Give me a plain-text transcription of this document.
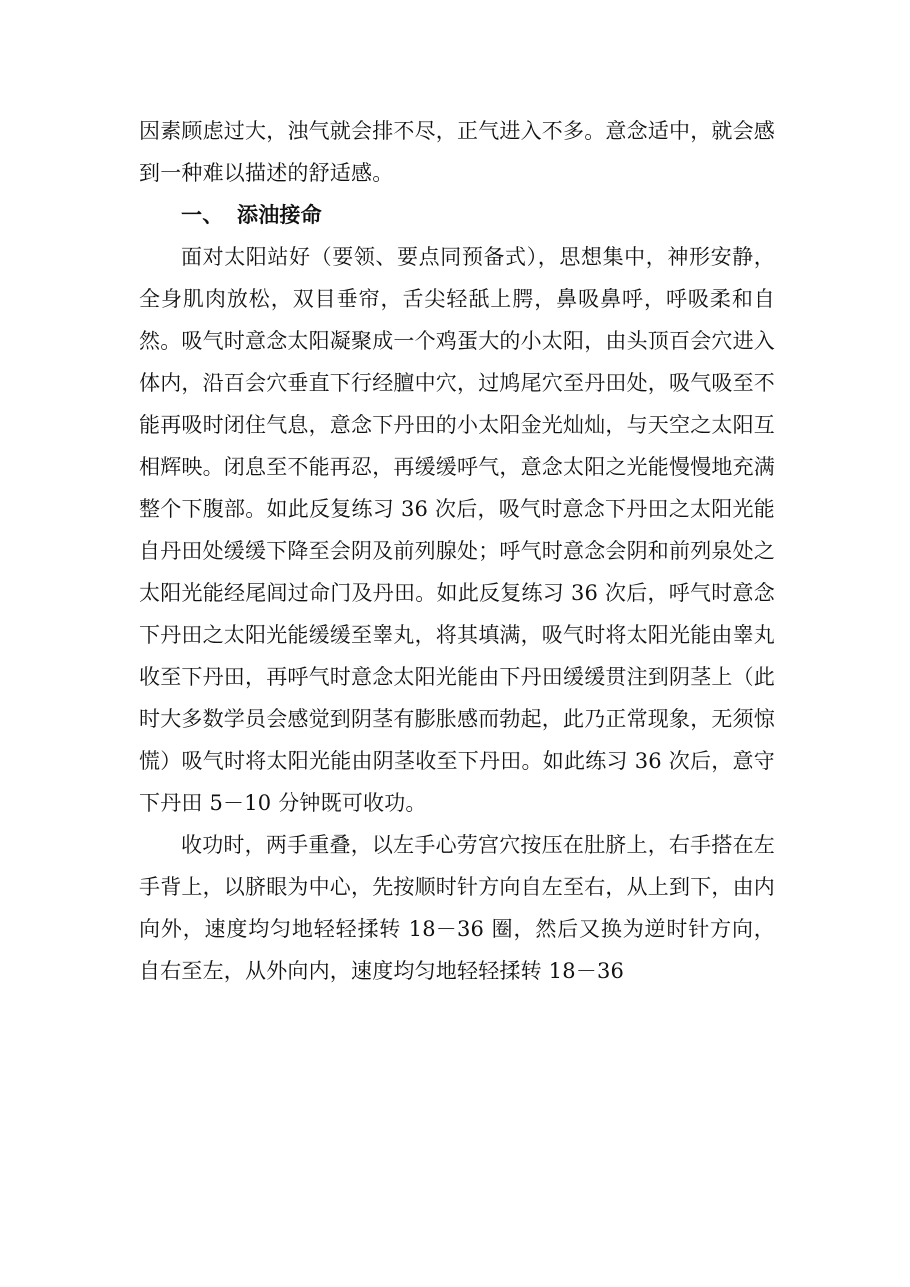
因素顾虑过大，浊气就会排不尽，正气进入不多。意念适中，就会感到一种难以描述的舒适感。

一、 添油接命

面对太阳站好（要领、要点同预备式），思想集中，神形安静，全身肌肉放松，双目垂帘，舌尖轻舐上腭，鼻吸鼻呼，呼吸柔和自然。吸气时意念太阳凝聚成一个鸡蛋大的小太阳，由头顶百会穴进入体内，沿百会穴垂直下行经膻中穴，过鸠尾穴至丹田处，吸气吸至不能再吸时闭住气息，意念下丹田的小太阳金光灿灿，与天空之太阳互相辉映。闭息至不能再忍，再缓缓呼气，意念太阳之光能慢慢地充满整个下腹部。如此反复练习 36 次后，吸气时意念下丹田之太阳光能自丹田处缓缓下降至会阴及前列腺处；呼气时意念会阴和前列泉处之太阳光能经尾闾过命门及丹田。如此反复练习 36 次后，呼气时意念下丹田之太阳光能缓缓至睾丸，将其填满，吸气时将太阳光能由睾丸收至下丹田，再呼气时意念太阳光能由下丹田缓缓贯注到阴茎上（此时大多数学员会感觉到阴茎有膨胀感而勃起，此乃正常现象，无须惊慌）吸气时将太阳光能由阴茎收至下丹田。如此练习 36 次后，意守下丹田 5－10 分钟既可收功。

收功时，两手重叠，以左手心劳宫穴按压在肚脐上，右手搭在左手背上，以脐眼为中心，先按顺时针方向自左至右，从上到下，由内向外，速度均匀地轻轻揉转 18－36 圈，然后又换为逆时针方向，自右至左，从外向内，速度均匀地轻轻揉转 18－36
